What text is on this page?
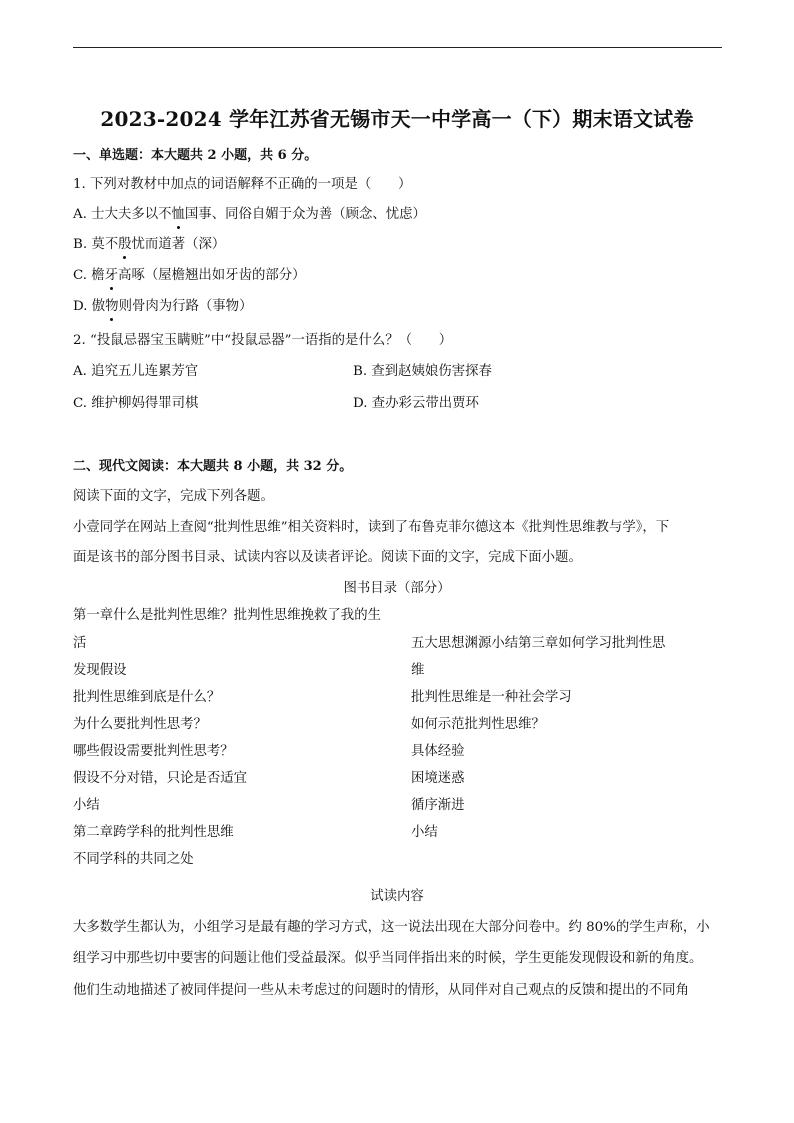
2023-2024 学年江苏省无锡市天一中学高一（下）期末语文试卷
一、单选题：本大题共 2 小题，共 6 分。
1. 下列对教材中加点的词语解释不正确的一项是（　　）
A. 士大夫多以不恤国事、同俗自媚于众为善（顾念、忧虑）
B. 莫不殷忧而道著（深）
C. 檐牙高啄（屋檐翘出如牙齿的部分）
D. 傲物则骨肉为行路（事物）
2. “投鼠忌器宝玉瞒赃”中“投鼠忌器”一语指的是什么？（　　）
A. 追究五儿连累芳官	B. 查到赵姨娘伤害探春
C. 维护柳妈得罪司棋	D. 查办彩云带出贾环
二、现代文阅读：本大题共 8 小题，共 32 分。
阅读下面的文字，完成下列各题。
小壹同学在网站上查阅“批判性思维”相关资料时，读到了布鲁克菲尔德这本《批判性思维教与学》，下
面是该书的部分图书目录、试读内容以及读者评论。阅读下面的文字，完成下面小题。
图书目录（部分）
第一章什么是批判性思维？批判性思维挽救了我的生
活
发现假设
批判性思维到底是什么？
为什么要批判性思考？
哪些假设需要批判性思考？
假设不分对错，只论是否适宜
小结
第二章跨学科的批判性思维
不同学科的共同之处
五大思想渊源小结第三章如何学习批判性思
维
批判性思维是一种社会学习
如何示范批判性思维？
具体经验
困境迷惑
循序渐进
小结
试读内容
大多数学生都认为，小组学习是最有趣的学习方式，这一说法出现在大部分问卷中。约 80%的学生声称，小
组学习中那些切中要害的问题让他们受益最深。似乎当同伴指出来的时候，学生更能发现假设和新的角度。
他们生动地描述了被同伴提问一些从未考虑过的问题时的情形，从同伴对自己观点的反馈和提出的不同角
